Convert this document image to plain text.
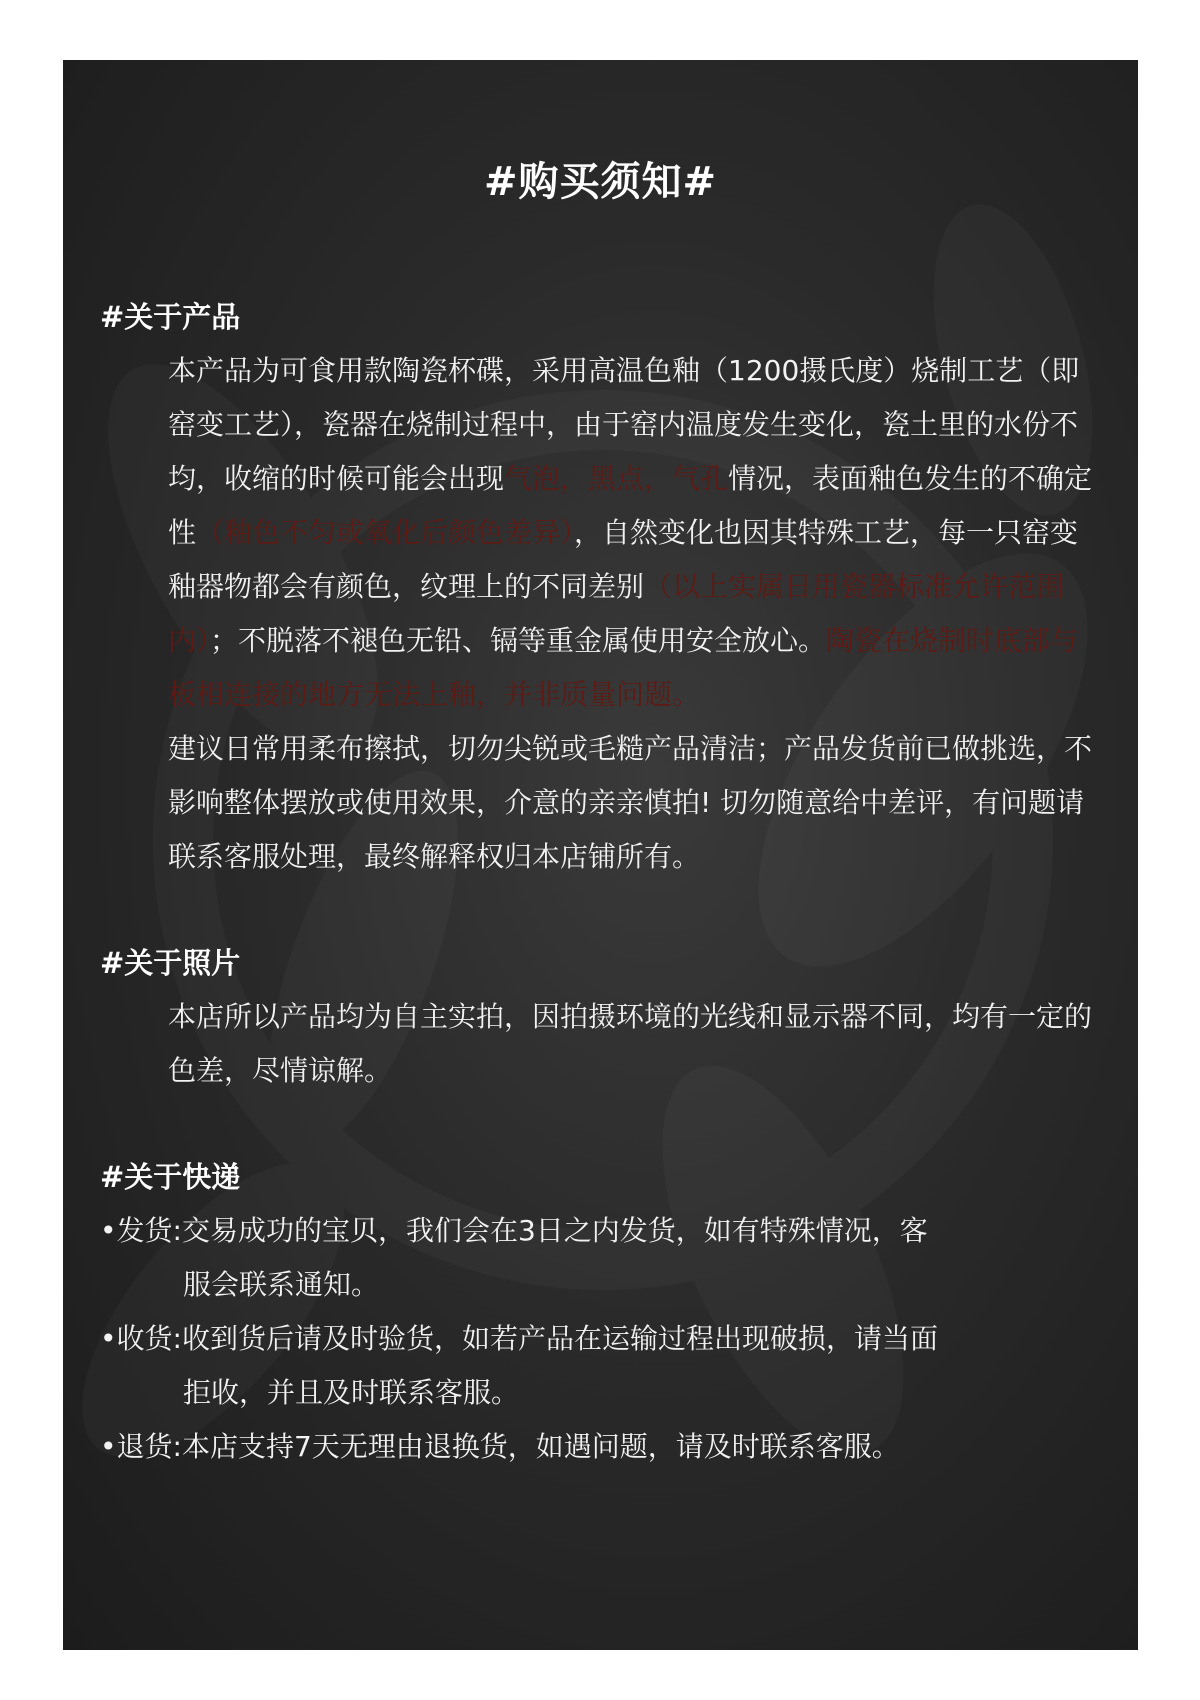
#购买须知#
#关于产品
本产品为可食用款陶瓷杯碟，采用高温色釉（1200摄氏度）烧制工艺（即窑变工艺），瓷器在烧制过程中，由于窑内温度发生变化，瓷土里的水份不均，收缩的时候可能会出现气泡，黑点，气孔情况，表面釉色发生的不确定性（釉色不匀或氧化后颜色差异），自然变化也因其特殊工艺，每一只窑变釉器物都会有颜色，纹理上的不同差别（以上实属日用瓷器标准允许范围内）；不脱落不褪色无铅、镉等重金属使用安全放心。陶瓷在烧制时底部与板相连接的地方无法上釉，并非质量问题。
建议日常用柔布擦拭，切勿尖锐或毛糙产品清洁；产品发货前已做挑选，不影响整体摆放或使用效果，介意的亲亲慎拍! 切勿随意给中差评，有问题请联系客服处理，最终解释权归本店铺所有。
#关于照片
本店所以产品均为自主实拍，因拍摄环境的光线和显示器不同，均有一定的色差，尽情谅解。
#关于快递
•发货: 交易成功的宝贝，我们会在3日之内发货，如有特殊情况，客
服会联系通知。
•收货: 收到货后请及时验货，如若产品在运输过程出现破损，请当面
拒收，并且及时联系客服。
•退货: 本店支持7天无理由退换货，如遇问题，请及时联系客服。
